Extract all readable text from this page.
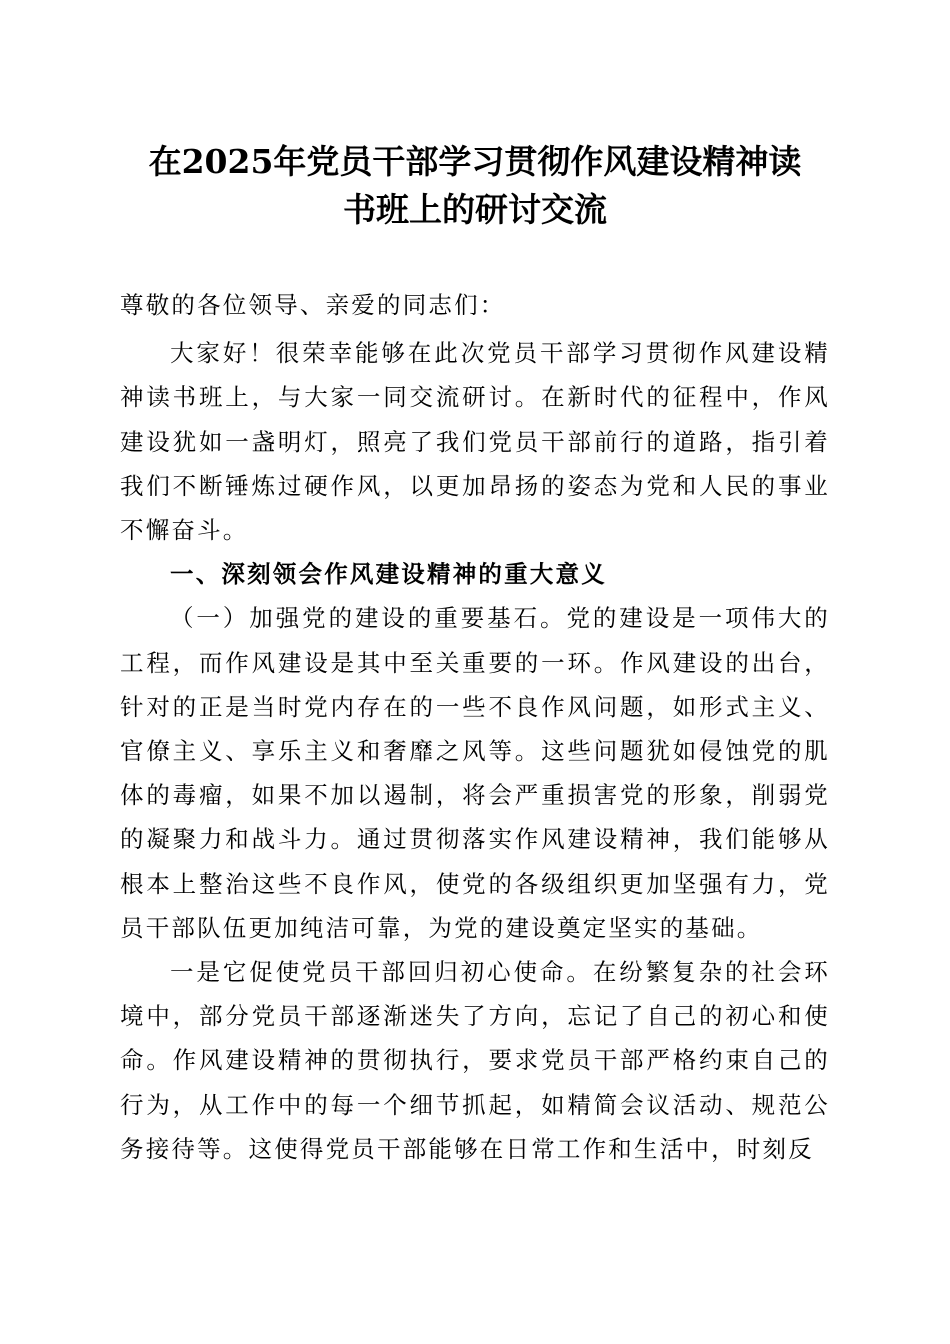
在2025年党员干部学习贯彻作风建设精神读
书班上的研讨交流

尊敬的各位领导、亲爱的同志们：

大家好！很荣幸能够在此次党员干部学习贯彻作风建设精神读书班上，与大家一同交流研讨。在新时代的征程中，作风建设犹如一盏明灯，照亮了我们党员干部前行的道路，指引着我们不断锤炼过硬作风，以更加昂扬的姿态为党和人民的事业不懈奋斗。

一、深刻领会作风建设精神的重大意义

（一）加强党的建设的重要基石。党的建设是一项伟大的工程，而作风建设是其中至关重要的一环。作风建设的出台，针对的正是当时党内存在的一些不良作风问题，如形式主义、官僚主义、享乐主义和奢靡之风等。这些问题犹如侵蚀党的肌体的毒瘤，如果不加以遏制，将会严重损害党的形象，削弱党的凝聚力和战斗力。通过贯彻落实作风建设精神，我们能够从根本上整治这些不良作风，使党的各级组织更加坚强有力，党员干部队伍更加纯洁可靠，为党的建设奠定坚实的基础。

一是它促使党员干部回归初心使命。在纷繁复杂的社会环境中，部分党员干部逐渐迷失了方向，忘记了自己的初心和使命。作风建设精神的贯彻执行，要求党员干部严格约束自己的行为，从工作中的每一个细节抓起，如精简会议活动、规范公务接待等。这使得党员干部能够在日常工作和生活中，时刻反
